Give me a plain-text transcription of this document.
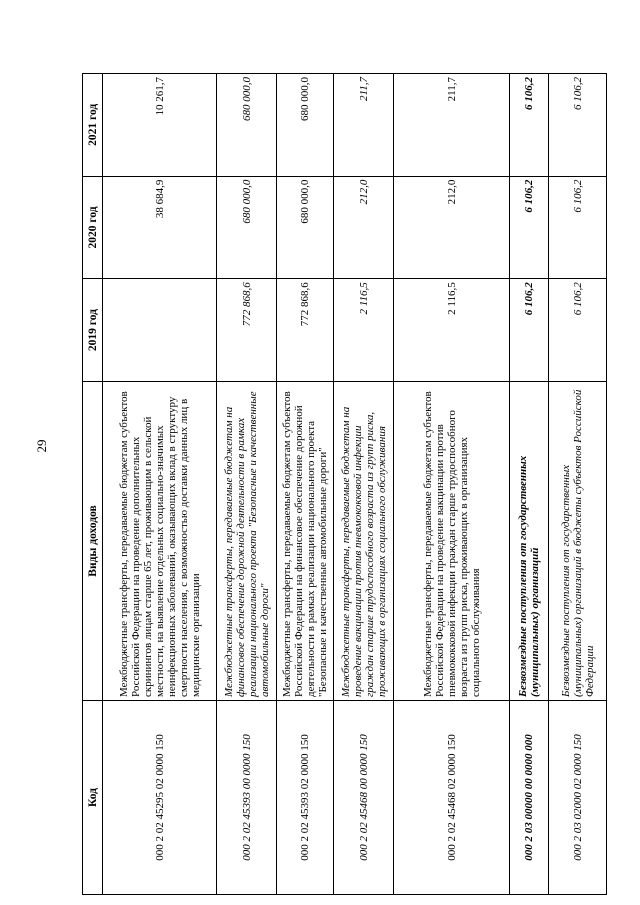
29
Код	Виды доходов	2019 год	2020 год	2021 год
000 2 02 45295 02 0000 150	Межбюджетные трансферты, передаваемые бюджетам субъектов Российской Федерации на проведение дополнительных скринингов лицам старше 65 лет, проживающим в сельской местности, на выявление отдельных социально-значимых неинфекционных заболеваний, оказывающих вклад в структуру смертности населения, с возможностью доставки данных лиц в медицинские организации		38 684,9	10 261,7
000 2 02 45393 00 0000 150	Межбюджетные трансферты, передаваемые бюджетам на финансовое обеспечение дорожной деятельности в рамках реализации национального проекта "Безопасные и качественные автомобильные дороги"	772 868,6	680 000,0	680 000,0
000 2 02 45393 02 0000 150	Межбюджетные трансферты, передаваемые бюджетам субъектов Российской Федерации на финансовое обеспечение дорожной деятельности в рамках реализации национального проекта "Безопасные и качественные автомобильные дороги"	772 868,6	680 000,0	680 000,0
000 2 02 45468 00 0000 150	Межбюджетные трансферты, передаваемые бюджетам на проведение вакцинации против пневмококковой инфекции граждан старше трудоспособного возраста из групп риска, проживающих в организациях социального обслуживания	2 116,5	212,0	211,7
000 2 02 45468 02 0000 150	Межбюджетные трансферты, передаваемые бюджетам субъектов Российской Федерации на проведение вакцинации против пневмококковой инфекции граждан старше трудоспособного возраста из групп риска, проживающих в организациях социального обслуживания	2 116,5	212,0	211,7
000 2 03 00000 00 0000 000	Безвозмездные поступления от государственных (муниципальных) организаций	6 106,2	6 106,2	6 106,2
000 2 03 02000 02 0000 150	Безвозмездные поступления от государственных (муниципальных) организаций в бюджеты субъектов Российской Федерации	6 106,2	6 106,2	6 106,2
